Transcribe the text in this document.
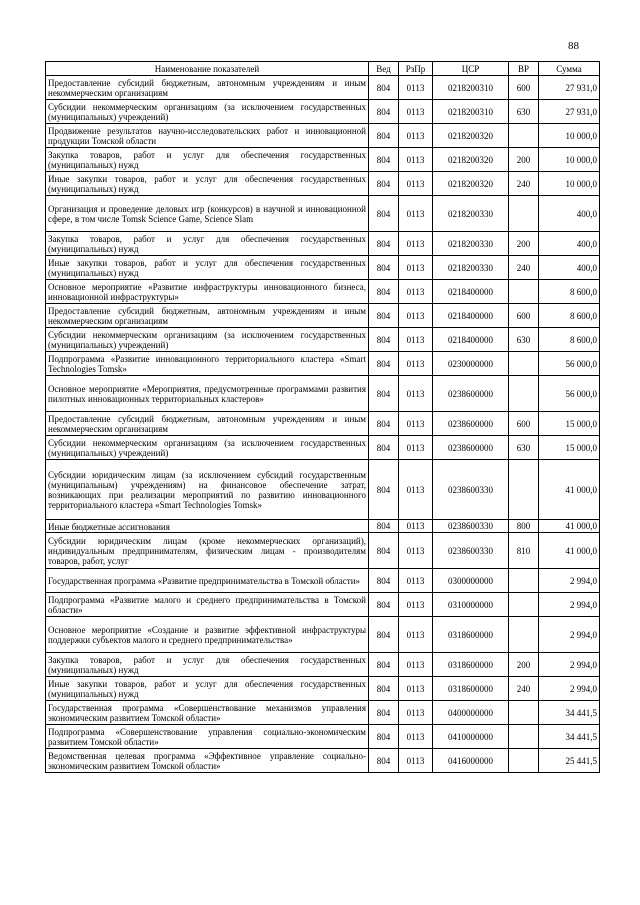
88
Наименование показателей	Вед	РзПр	ЦСР	ВР	Сумма
Предоставление субсидий бюджетным, автономным учреждениям и иным некоммерческим организациям	804	0113	0218200310	600	27 931,0
Субсидии некоммерческим организациям (за исключением государственных (муниципальных) учреждений)	804	0113	0218200310	630	27 931,0
Продвижение результатов научно-исследовательских работ и инновационной продукции Томской области	804	0113	0218200320		10 000,0
Закупка товаров, работ и услуг для обеспечения государственных (муниципальных) нужд	804	0113	0218200320	200	10 000,0
Иные закупки товаров, работ и услуг для обеспечения государственных (муниципальных) нужд	804	0113	0218200320	240	10 000,0
Организация и проведение деловых игр (конкурсов) в научной и инновационной сфере, в том числе Tomsk Science Game, Science Slam	804	0113	0218200330		400,0
Закупка товаров, работ и услуг для обеспечения государственных (муниципальных) нужд	804	0113	0218200330	200	400,0
Иные закупки товаров, работ и услуг для обеспечения государственных (муниципальных) нужд	804	0113	0218200330	240	400,0
Основное мероприятие «Развитие инфраструктуры инновационного бизнеса, инновационной инфраструктуры»	804	0113	0218400000		8 600,0
Предоставление субсидий бюджетным, автономным учреждениям и иным некоммерческим организациям	804	0113	0218400000	600	8 600,0
Субсидии некоммерческим организациям (за исключением государственных (муниципальных) учреждений)	804	0113	0218400000	630	8 600,0
Подпрограмма «Развитие инновационного территориального кластера «Smart Technologies Tomsk»	804	0113	0230000000		56 000,0
Основное мероприятие «Мероприятия, предусмотренные программами развития пилотных инновационных территориальных кластеров»	804	0113	0238600000		56 000,0
Предоставление субсидий бюджетным, автономным учреждениям и иным некоммерческим организациям	804	0113	0238600000	600	15 000,0
Субсидии некоммерческим организациям (за исключением государственных (муниципальных) учреждений)	804	0113	0238600000	630	15 000,0
Субсидии юридическим лицам (за исключением субсидий государственным (муниципальным) учреждениям) на финансовое обеспечение затрат, возникающих при реализации мероприятий по развитию инновационного территориального кластера «Smart Technologies Tomsk»	804	0113	0238600330		41 000,0
Иные бюджетные ассигнования	804	0113	0238600330	800	41 000,0
Субсидии юридическим лицам (кроме некоммерческих организаций), индивидуальным предпринимателям, физическим лицам - производителям товаров, работ, услуг	804	0113	0238600330	810	41 000,0
Государственная программа «Развитие предпринимательства в Томской области»	804	0113	0300000000		2 994,0
Подпрограмма «Развитие малого и среднего предпринимательства в Томской области»	804	0113	0310000000		2 994,0
Основное мероприятие «Создание и развитие эффективной инфраструктуры поддержки субъектов малого и среднего предпринимательства»	804	0113	0318600000		2 994,0
Закупка товаров, работ и услуг для обеспечения государственных (муниципальных) нужд	804	0113	0318600000	200	2 994,0
Иные закупки товаров, работ и услуг для обеспечения государственных (муниципальных) нужд	804	0113	0318600000	240	2 994,0
Государственная программа «Совершенствование механизмов управления экономическим развитием Томской области»	804	0113	0400000000		34 441,5
Подпрограмма «Совершенствование управления социально-экономическим развитием Томской области»	804	0113	0410000000		34 441,5
Ведомственная целевая программа «Эффективное управление социально-экономическим развитием Томской области»	804	0113	0416000000		25 441,5
